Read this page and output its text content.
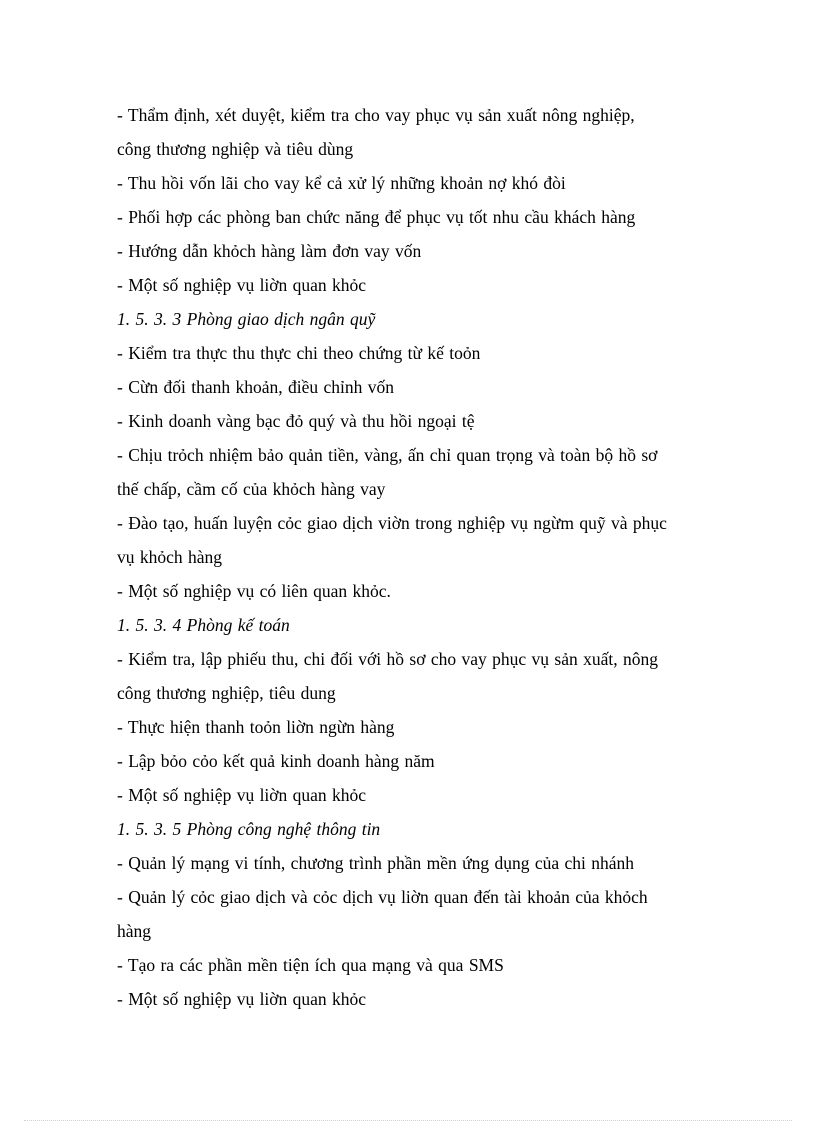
- Thẩm định, xét duyệt, kiểm tra cho vay phục vụ sản xuất nông nghiệp,
công thương nghiệp và tiêu dùng
- Thu hồi vốn lãi cho vay kể cả xử lý những khoản nợ khó đòi
- Phối hợp các phòng ban chức năng để phục vụ tốt nhu cầu khách hàng
- Hướng dẫn khỏch hàng làm đơn vay vốn
- Một số nghiệp vụ liờn quan khỏc
1. 5. 3. 3 Phòng giao dịch ngân quỹ
- Kiểm tra thực thu thực chi theo chứng từ kế toỏn
- Cừn đối thanh khoản, điều chỉnh vốn
- Kinh doanh vàng bạc đỏ quý và thu hồi ngoại tệ
- Chịu trỏch nhiệm bảo quản tiền, vàng, ấn chỉ quan trọng và toàn bộ hồ sơ
thế chấp, cầm cố của khỏch hàng vay
- Đào tạo, huấn luyện cỏc giao dịch viờn trong nghiệp vụ ngừm quỹ và phục
vụ khỏch hàng
- Một số nghiệp vụ có liên quan khỏc.
1. 5. 3. 4 Phòng kế toán
- Kiểm tra, lập phiếu thu, chi đối với hồ sơ cho vay phục vụ sản xuất, nông
công thương nghiệp, tiêu dung
- Thực hiện thanh toỏn liờn ngừn hàng
- Lập bỏo cỏo kết quả kinh doanh hàng năm
- Một số nghiệp vụ liờn quan khỏc
1. 5. 3. 5 Phòng công nghệ thông tin
- Quản lý mạng vi tính, chương trình phần mền ứng dụng của chi nhánh
- Quản lý cỏc giao dịch và cỏc dịch vụ liờn quan đến tài khoản của khỏch
hàng
- Tạo ra các phần mền tiện ích qua mạng và qua SMS
- Một số nghiệp vụ liờn quan khỏc
